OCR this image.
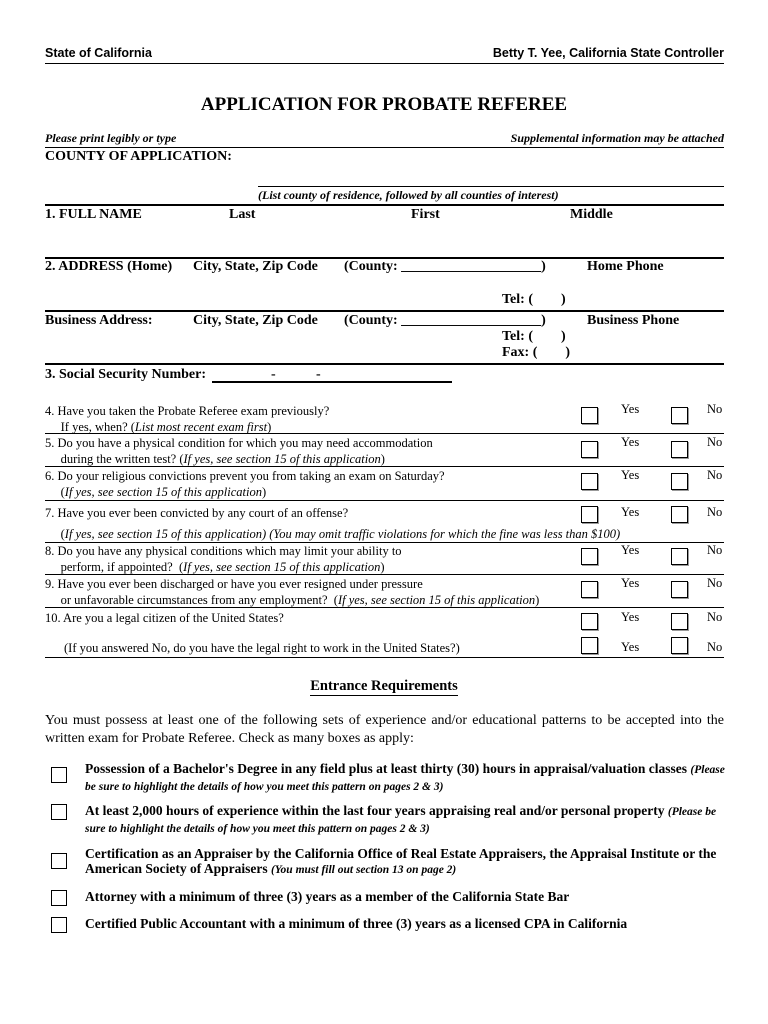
State of California	Betty T. Yee, California State Controller
APPLICATION FOR PROBATE REFEREE
Please print legibly or type	Supplemental information may be attached
COUNTY OF APPLICATION:
(List county of residence, followed by all counties of interest)
1. FULL NAME	Last	First	Middle
2. ADDRESS (Home) City, State, Zip Code (County: ____________________)	Home Phone
Tel: (        )
Business Address:	City, State, Zip Code (County: ____________________)	Business Phone
Tel: (        )
Fax: (        )
3. Social Security Number:	-	-
4. Have you taken the Probate Referee exam previously?
If yes, when? (List most recent exam first)
Yes	No
5. Do you have a physical condition for which you may need accommodation
during the written test? (If yes, see section 15 of this application)
Yes	No
6. Do your religious convictions prevent you from taking an exam on Saturday?
(If yes, see section 15 of this application)
Yes	No
7. Have you ever been convicted by any court of an offense?
(If yes, see section 15 of this application) (You may omit traffic violations for which the fine was less than $100)
Yes	No
8. Do you have any physical conditions which may limit your ability to
perform, if appointed?  (If yes, see section 15 of this application)
Yes	No
9. Have you ever been discharged or have you ever resigned under pressure
or unfavorable circumstances from any employment?  (If yes, see section 15 of this application)
Yes	No
10. Are you a legal citizen of the United States?	Yes	No
(If you answered No, do you have the legal right to work in the United States?)	Yes	No
Entrance Requirements
You must possess at least one of the following sets of experience and/or educational patterns to be accepted into the written exam for Probate Referee. Check as many boxes as apply:
Possession of a Bachelor's Degree in any field plus at least thirty (30) hours in appraisal/valuation classes (Please be sure to highlight the details of how you meet this pattern on pages 2 & 3)
At least 2,000 hours of experience within the last four years appraising real and/or personal property (Please be sure to highlight the details of how you meet this pattern on pages 2 & 3)
Certification as an Appraiser by the California Office of Real Estate Appraisers, the Appraisal Institute or the American Society of Appraisers (You must fill out section 13 on page 2)
Attorney with a minimum of three (3) years as a member of the California State Bar
Certified Public Accountant with a minimum of three (3) years as a licensed CPA in California
